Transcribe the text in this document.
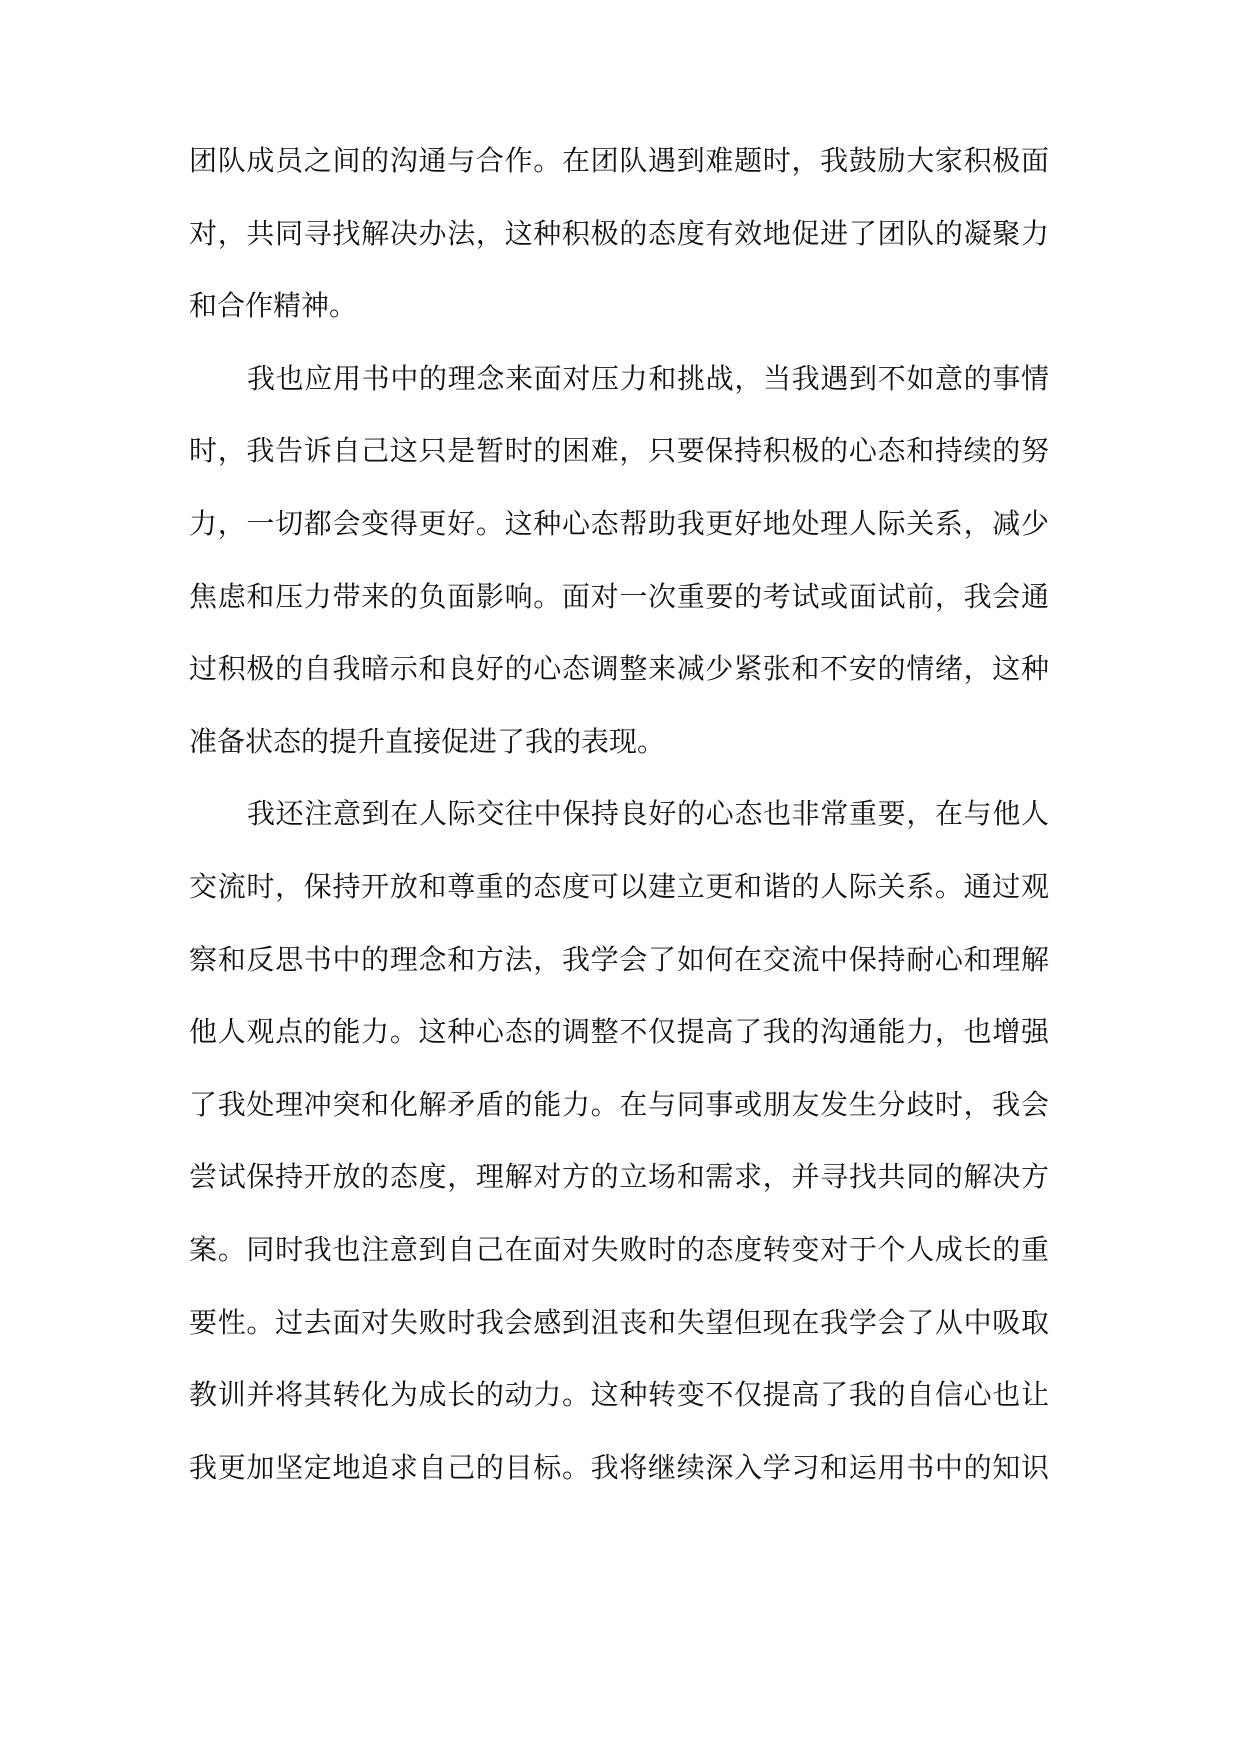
团队成员之间的沟通与合作。在团队遇到难题时，我鼓励大家积极面
对，共同寻找解决办法，这种积极的态度有效地促进了团队的凝聚力
和合作精神。
我也应用书中的理念来面对压力和挑战，当我遇到不如意的事情
时，我告诉自己这只是暂时的困难，只要保持积极的心态和持续的努
力，一切都会变得更好。这种心态帮助我更好地处理人际关系，减少
焦虑和压力带来的负面影响。面对一次重要的考试或面试前，我会通
过积极的自我暗示和良好的心态调整来减少紧张和不安的情绪，这种
准备状态的提升直接促进了我的表现。
我还注意到在人际交往中保持良好的心态也非常重要，在与他人
交流时，保持开放和尊重的态度可以建立更和谐的人际关系。通过观
察和反思书中的理念和方法，我学会了如何在交流中保持耐心和理解
他人观点的能力。这种心态的调整不仅提高了我的沟通能力，也增强
了我处理冲突和化解矛盾的能力。在与同事或朋友发生分歧时，我会
尝试保持开放的态度，理解对方的立场和需求，并寻找共同的解决方
案。同时我也注意到自己在面对失败时的态度转变对于个人成长的重
要性。过去面对失败时我会感到沮丧和失望但现在我学会了从中吸取
教训并将其转化为成长的动力。这种转变不仅提高了我的自信心也让
我更加坚定地追求自己的目标。我将继续深入学习和运用书中的知识
